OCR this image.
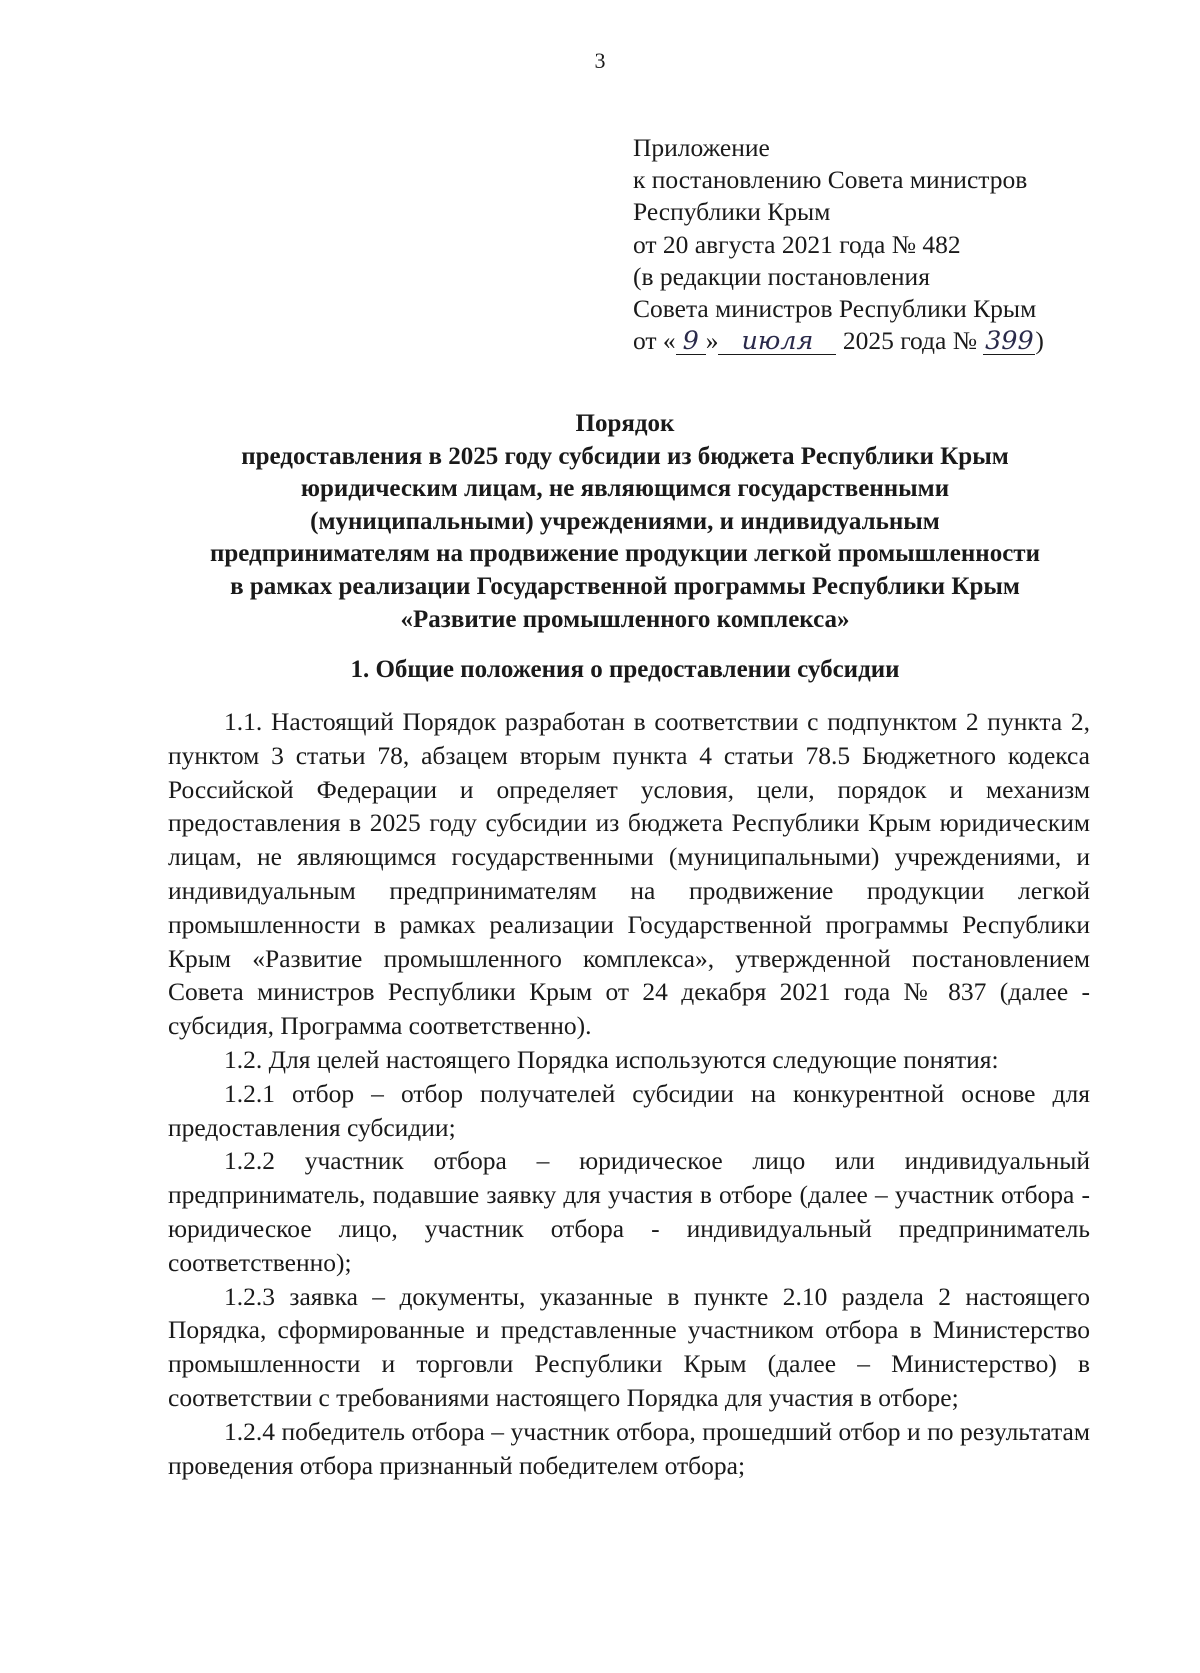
3
Приложение
к постановлению Совета министров
Республики Крым
от 20 августа 2021 года № 482
(в редакции постановления
Совета министров Республики Крым
от « 9 » июля 2025 года № 399)
Порядок
предоставления в 2025 году субсидии из бюджета Республики Крым
юридическим лицам, не являющимся государственными
(муниципальными) учреждениями, и индивидуальным
предпринимателям на продвижение продукции легкой промышленности
в рамках реализации Государственной программы Республики Крым
«Развитие промышленного комплекса»
1. Общие положения о предоставлении субсидии

1.1. Настоящий Порядок разработан в соответствии с подпунктом 2 пункта 2, пунктом 3 статьи 78, абзацем вторым пункта 4 статьи 78.5 Бюджетного кодекса Российской Федерации и определяет условия, цели, порядок и механизм предоставления в 2025 году субсидии из бюджета Республики Крым юридическим лицам, не являющимся государственными (муниципальными) учреждениями, и индивидуальным предпринимателям на продвижение продукции легкой промышленности в рамках реализации Государственной программы Республики Крым «Развитие промышленного комплекса», утвержденной постановлением Совета министров Республики Крым от 24 декабря 2021 года № 837 (далее - субсидия, Программа соответственно).

1.2. Для целей настоящего Порядка используются следующие понятия:

1.2.1 отбор – отбор получателей субсидии на конкурентной основе для предоставления субсидии;

1.2.2 участник отбора – юридическое лицо или индивидуальный предприниматель, подавшие заявку для участия в отборе (далее – участник отбора - юридическое лицо, участник отбора - индивидуальный предприниматель соответственно);

1.2.3 заявка – документы, указанные в пункте 2.10 раздела 2 настоящего Порядка, сформированные и представленные участником отбора в Министерство промышленности и торговли Республики Крым (далее – Министерство) в соответствии с требованиями настоящего Порядка для участия в отборе;

1.2.4 победитель отбора – участник отбора, прошедший отбор и по результатам проведения отбора признанный победителем отбора;
